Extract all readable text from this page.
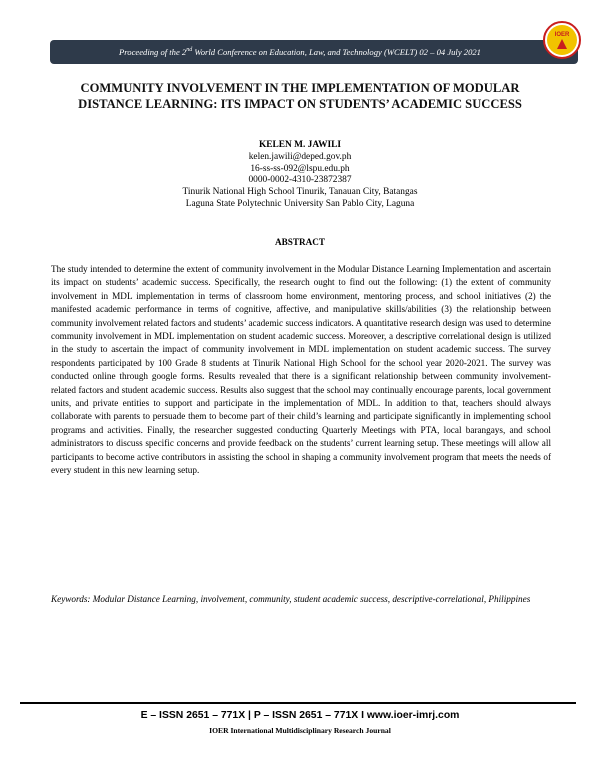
Proceeding of the 2nd World Conference on Education, Law, and Technology (WCELT) 02 – 04 July 2021
IOER
COMMUNITY INVOLVEMENT IN THE IMPLEMENTATION OF MODULAR
DISTANCE LEARNING: ITS IMPACT ON STUDENTS’ ACADEMIC SUCCESS
KELEN M. JAWILI
kelen.jawili@deped.gov.ph
16-ss-ss-092@lspu.edu.ph
0000-0002-4310-23872387
Tinurik National High School Tinurik, Tanauan City, Batangas
Laguna State Polytechnic University San Pablo City, Laguna
ABSTRACT
The study intended to determine the extent of community involvement in the Modular Distance Learning Implementation and ascertain its impact on students’ academic success. Specifically, the research ought to find out the following: (1) the extent of community involvement in MDL implementation in terms of classroom home environment, mentoring process, and school initiatives (2) the manifested academic performance in terms of cognitive, affective, and manipulative skills/abilities (3) the relationship between community involvement related factors and students’ academic success indicators. A quantitative research design was used to determine community involvement in MDL implementation on student academic success. Moreover, a descriptive correlational design is utilized in the study to ascertain the impact of community involvement in MDL implementation on student academic success. The survey respondents participated by 100 Grade 8 students at Tinurik National High School for the school year 2020-2021. The survey was conducted online through google forms. Results revealed that there is a significant relationship between community involvement-related factors and student academic success. Results also suggest that the school may continually encourage parents, local government units, and private entities to support and participate in the implementation of MDL. In addition to that, teachers should always collaborate with parents to persuade them to become part of their child’s learning and participate significantly in implementing school programs and activities. Finally, the researcher suggested conducting Quarterly Meetings with PTA, local barangays, and school administrators to discuss specific concerns and provide feedback on the students’ current learning setup. These meetings will allow all participants to become active contributors in assisting the school in shaping a community involvement program that meets the needs of every student in this new learning setup.
Keywords: Modular Distance Learning, involvement, community, student academic success, descriptive-correlational, Philippines
E – ISSN 2651 – 771X | P – ISSN 2651 – 771X I www.ioer-imrj.com
IOER International Multidisciplinary Research Journal
